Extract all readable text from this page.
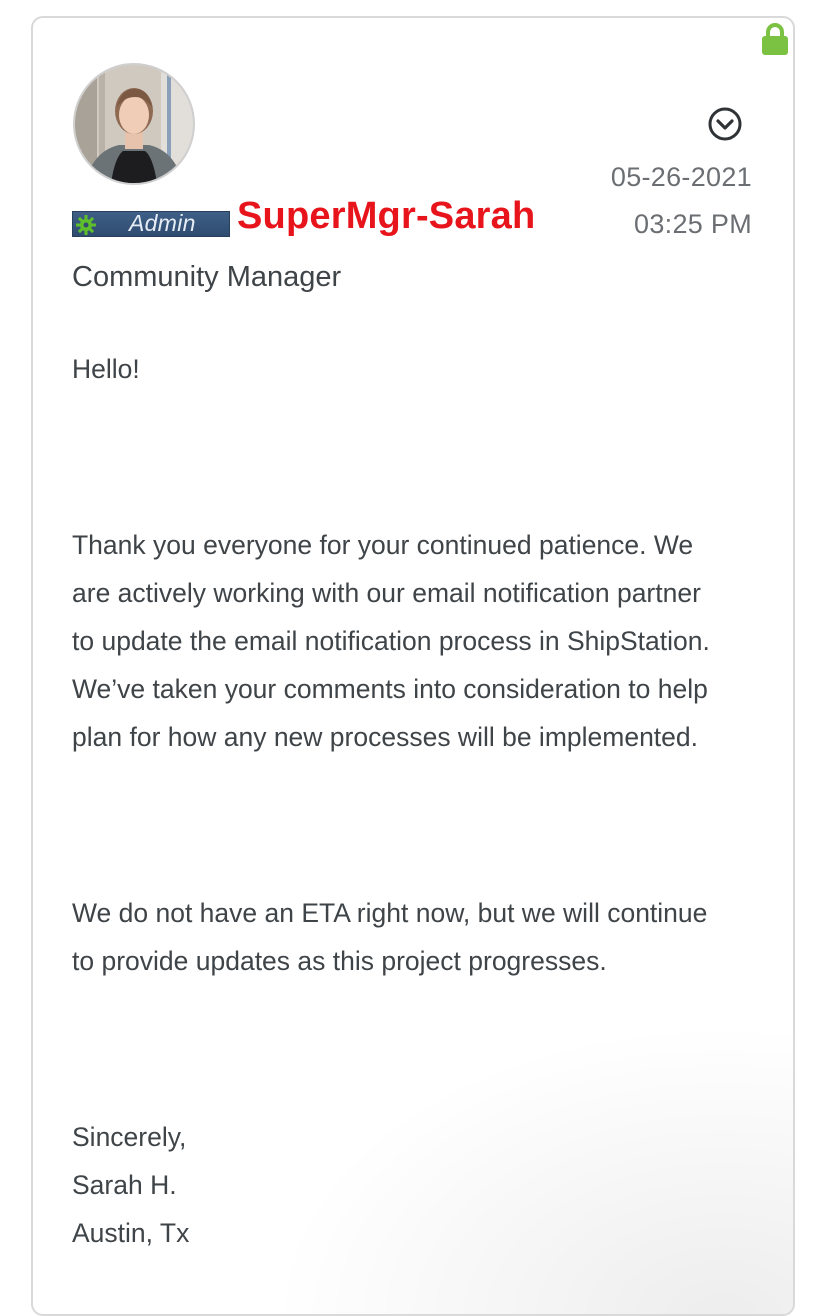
05-26-2021
03:25 PM
Admin SuperMgr-Sarah
Community Manager

Hello!

Thank you everyone for your continued patience. We

are actively working with our email notification partner

to update the email notification process in ShipStation.

We’ve taken your comments into consideration to help

plan for how any new processes will be implemented.

We do not have an ETA right now, but we will continue

to provide updates as this project progresses.

Sincerely,

Sarah H.

Austin, Tx
